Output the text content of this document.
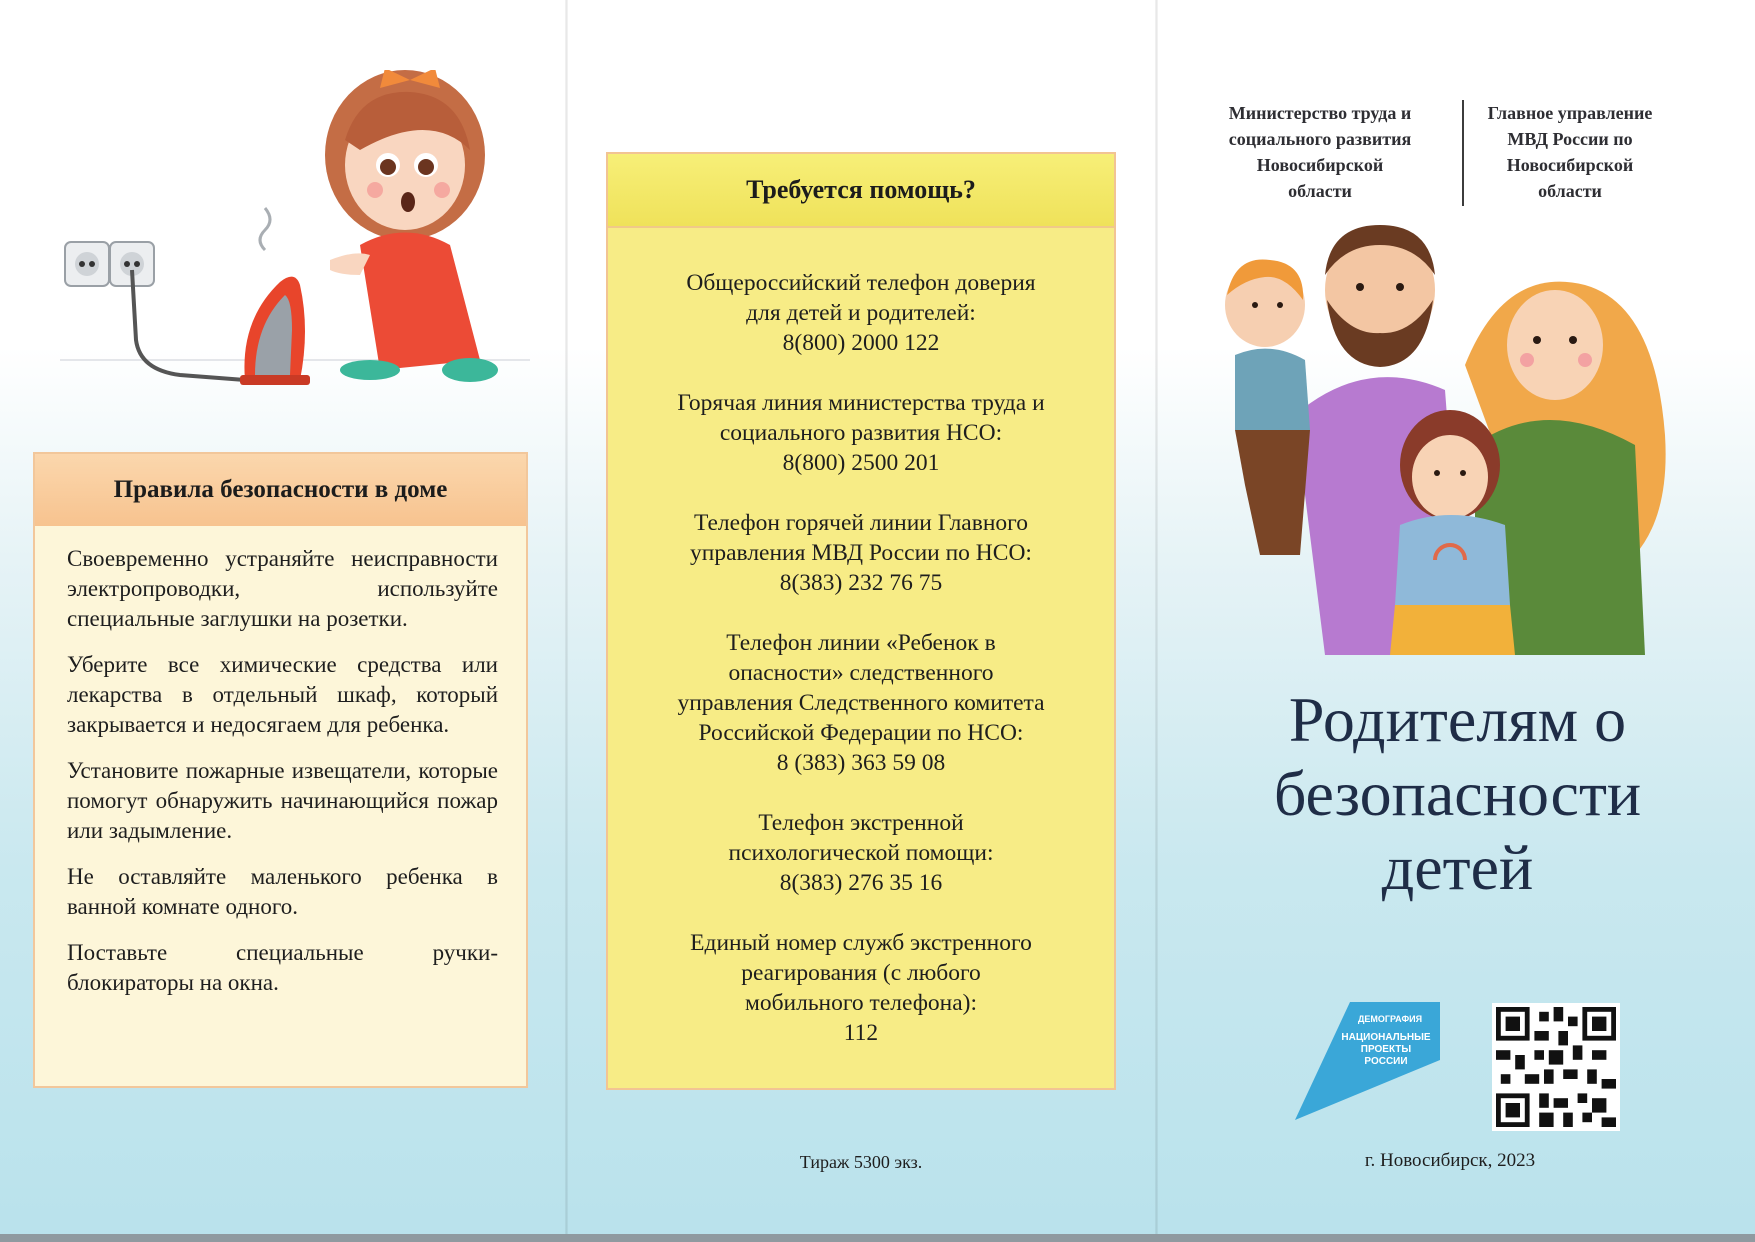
Правила безопасности в доме

Своевременно устраняйте неисправности электропроводки, используйте специальные заглушки на розетки.

Уберите все химические средства или лекарства в отдельный шкаф, который закрывается и недосягаем для ребенка.

Установите пожарные извещатели, которые помогут обнаружить начинающийся пожар или задымление.

Не оставляйте маленького ребенка в ванной комнате одного.

Поставьте специальные ручки-блокираторы на окна.

Требуется помощь?
Общероссийский телефон доверия
для детей и родителей:
8(800) 2000 122
Горячая линия министерства труда и
социального развития НСО:
8(800) 2500 201
Телефон горячей линии Главного
управления МВД России по НСО:
8(383) 232 76 75
Телефон линии «Ребенок в
опасности» следственного
управления Следственного комитета
Российской Федерации по НСО:
8 (383) 363 59 08
Телефон экстренной
психологической помощи:
8(383) 276 35 16
Единый номер служб экстренного
реагирования (с любого
мобильного телефона):
112
Тираж 5300 экз.
Министерство труда и
социального развития
Новосибирской
области
Главное управление
МВД России по
Новосибирской
области
Родителям о
безопасности
детей
ДЕМОГРАФИЯ
НАЦИОНАЛЬНЫЕ
ПРОЕКТЫ
РОССИИ
г. Новосибирск, 2023
